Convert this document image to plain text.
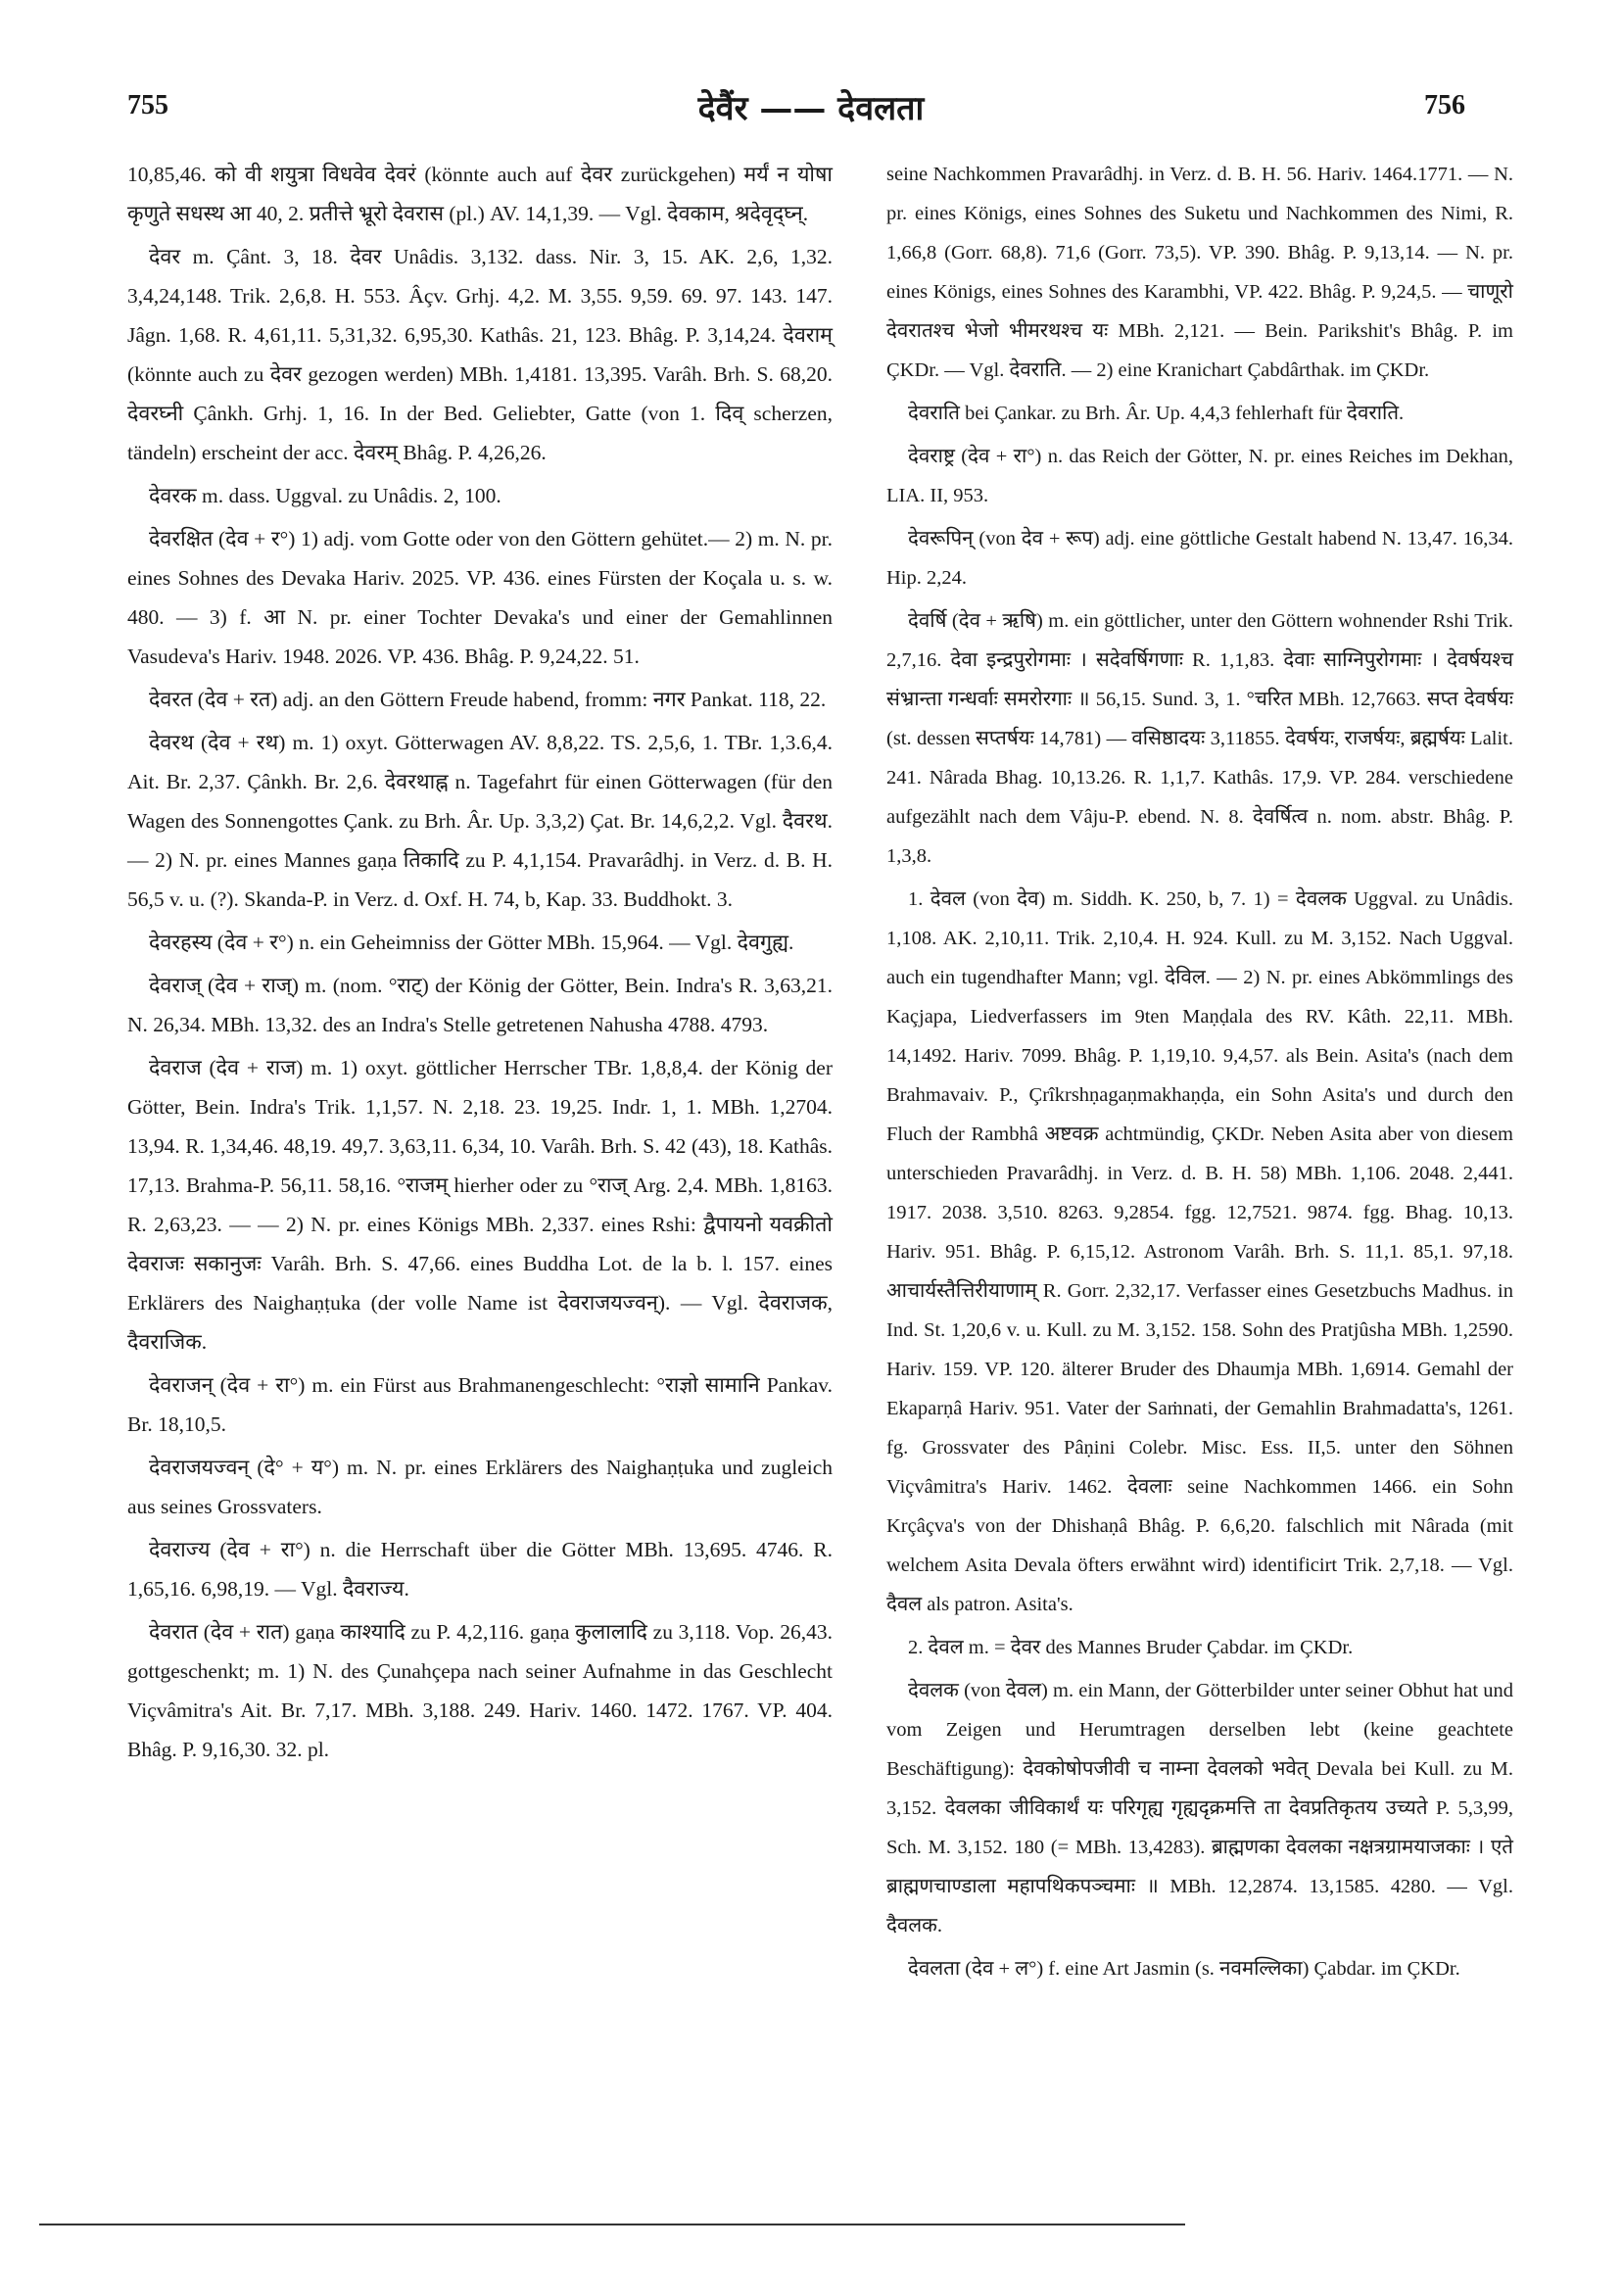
755	देवैंर —— देवलता	756

10,85,46. को वी शयुत्रा विधवेव देवरं (könnte auch auf देवर zurückgehen) मर्यं न योषा कृणुते सधस्थ आ 40, 2. प्रतीत्ते भ्रूरो देवरास (pl.) AV. 14,1,39. — Vgl. देवकाम, श्रदेवृद्घ्न्.

देवर m. Çânt. 3, 18. देवर Unâdis. 3,132. dass. Nir. 3, 15. AK. 2,6, 1,32. 3,4,24,148. Trik. 2,6,8. H. 553. Âçv. Grhj. 4,2. M. 3,55. 9,59. 69. 97. 143. 147. Jâgn. 1,68. R. 4,61,11. 5,31,32. 6,95,30. Kathâs. 21, 123. Bhâg. P. 3,14,24. देवराम् (könnte auch zu देवर gezogen werden) MBh. 1,4181. 13,395. Varâh. Brh. S. 68,20. देवरघ्नी Çânkh. Grhj. 1, 16. In der Bed. Geliebter, Gatte (von 1. दिव् scherzen, tändeln) erscheint der acc. देवरम् Bhâg. P. 4,26,26.

देवरक m. dass. Uggval. zu Unâdis. 2, 100.

देवरक्षित (देव + र°) 1) adj. vom Gotte oder von den Göttern gehütet.— 2) m. N. pr. eines Sohnes des Devaka Hariv. 2025. VP. 436. eines Fürsten der Koçala u. s. w. 480. — 3) f. आ N. pr. einer Tochter Devaka's und einer der Gemahlinnen Vasudeva's Hariv. 1948. 2026. VP. 436. Bhâg. P. 9,24,22. 51.

देवरत (देव + रत) adj. an den Göttern Freude habend, fromm: नगर Pankat. 118, 22.

देवरथ (देव + रथ) m. 1) oxyt. Götterwagen AV. 8,8,22. TS. 2,5,6, 1. TBr. 1,3.6,4. Ait. Br. 2,37. Çânkh. Br. 2,6. देवरथाह्न n. Tagefahrt für einen Götterwagen (für den Wagen des Sonnengottes Çank. zu Brh. Âr. Up. 3,3,2) Çat. Br. 14,6,2,2. Vgl. दैवरथ. — 2) N. pr. eines Mannes gaṇa तिकादि zu P. 4,1,154. Pravarâdhj. in Verz. d. B. H. 56,5 v. u. (?). Skanda-P. in Verz. d. Oxf. H. 74, b, Kap. 33. Buddhokt. 3.

देवरहस्य (देव + र°) n. ein Geheimniss der Götter MBh. 15,964. — Vgl. देवगुह्य.

देवराज् (देव + राज्) m. (nom. °राट्) der König der Götter, Bein. Indra's R. 3,63,21. N. 26,34. MBh. 13,32. des an Indra's Stelle getretenen Nahusha 4788. 4793.

देवराज (देव + राज) m. 1) oxyt. göttlicher Herrscher TBr. 1,8,8,4. der König der Götter, Bein. Indra's Trik. 1,1,57. N. 2,18. 23. 19,25. Indr. 1, 1. MBh. 1,2704. 13,94. R. 1,34,46. 48,19. 49,7. 3,63,11. 6,34, 10. Varâh. Brh. S. 42 (43), 18. Kathâs. 17,13. Brahma-P. 56,11. 58,16. °राजम् hierher oder zu °राज् Arg. 2,4. MBh. 1,8163. R. 2,63,23. — — 2) N. pr. eines Königs MBh. 2,337. eines Rshi: द्वैपायनो यवक्रीतो देवराजः सकानुजः Varâh. Brh. S. 47,66. eines Buddha Lot. de la b. l. 157. eines Erklärers des Naighaṇṭuka (der volle Name ist देवराजयज्वन्). — Vgl. देवराजक, दैवराजिक.

देवराजन् (देव + रा°) m. ein Fürst aus Brahmanengeschlecht: °राज्ञो सामानि Pankav. Br. 18,10,5.

देवराजयज्वन् (दे° + य°) m. N. pr. eines Erklärers des Naighaṇṭuka und zugleich aus seines Grossvaters.

देवराज्य (देव + रा°) n. die Herrschaft über die Götter MBh. 13,695. 4746. R. 1,65,16. 6,98,19. — Vgl. दैवराज्य.

देवरात (देव + रात) gaṇa काश्यादि zu P. 4,2,116. gaṇa कुलालादि zu 3,118. Vop. 26,43. gottgeschenkt; m. 1) N. des Çunahçepa nach seiner Aufnahme in das Geschlecht Viçvâmitra's Ait. Br. 7,17. MBh. 3,188. 249. Hariv. 1460. 1472. 1767. VP. 404. Bhâg. P. 9,16,30. 32. pl.

seine Nachkommen Pravarâdhj. in Verz. d. B. H. 56. Hariv. 1464.1771. — N. pr. eines Königs, eines Sohnes des Suketu und Nachkommen des Nimi, R. 1,66,8 (Gorr. 68,8). 71,6 (Gorr. 73,5). VP. 390. Bhâg. P. 9,13,14. — N. pr. eines Königs, eines Sohnes des Karambhi, VP. 422. Bhâg. P. 9,24,5. — चाणूरो देवरातश्च भेजो भीमरथश्च यः MBh. 2,121. — Bein. Parikshit's Bhâg. P. im ÇKDr. — Vgl. देवराति. — 2) eine Kranichart Çabdârthak. im ÇKDr.

देवराति bei Çankar. zu Brh. Âr. Up. 4,4,3 fehlerhaft für देवराति.

देवराष्ट्र (देव + रा°) n. das Reich der Götter, N. pr. eines Reiches im Dekhan, LIA. II, 953.

देवरूपिन् (von देव + रूप) adj. eine göttliche Gestalt habend N. 13,47. 16,34. Hip. 2,24.

देवर्षि (देव + ऋषि) m. ein göttlicher, unter den Göttern wohnender Rshi Trik. 2,7,16. देवा इन्द्रपुरोगमाः । सदेवर्षिगणाः R. 1,1,83. देवाः साग्निपुरोगमाः । देवर्षयश्च संभ्रान्ता गन्धर्वाः समरोरगाः ॥ 56,15. Sund. 3, 1. °चरित MBh. 12,7663. सप्त देवर्षयः (st. dessen सप्तर्षयः 14,781) — वसिष्ठादयः 3,11855. देवर्षयः, राजर्षयः, ब्रह्मर्षयः Lalit. 241. Nârada Bhag. 10,13.26. R. 1,1,7. Kathâs. 17,9. VP. 284. verschiedene aufgezählt nach dem Vâju-P. ebend. N. 8. देवर्षित्व n. nom. abstr. Bhâg. P. 1,3,8.

1. देवल (von देव) m. Siddh. K. 250, b, 7. 1) = देवलक Uggval. zu Unâdis. 1,108. AK. 2,10,11. Trik. 2,10,4. H. 924. Kull. zu M. 3,152. Nach Uggval. auch ein tugendhafter Mann; vgl. देविल. — 2) N. pr. eines Abkömmlings des Kaçjapa, Liedverfassers im 9ten Maṇḍala des RV. Kâth. 22,11. MBh. 14,1492. Hariv. 7099. Bhâg. P. 1,19,10. 9,4,57. als Bein. Asita's (nach dem Brahmavaiv. P., Çrîkrshṇagaṇmakhaṇḍa, ein Sohn Asita's und durch den Fluch der Rambhâ अष्टवक्र achtmündig, ÇKDr. Neben Asita aber von diesem unterschieden Pravarâdhj. in Verz. d. B. H. 58) MBh. 1,106. 2048. 2,441. 1917. 2038. 3,510. 8263. 9,2854. fgg. 12,7521. 9874. fgg. Bhag. 10,13. Hariv. 951. Bhâg. P. 6,15,12. Astronom Varâh. Brh. S. 11,1. 85,1. 97,18. आचार्यस्तैत्तिरीयाणाम् R. Gorr. 2,32,17. Verfasser eines Gesetzbuchs Madhus. in Ind. St. 1,20,6 v. u. Kull. zu M. 3,152. 158. Sohn des Pratjûsha MBh. 1,2590. Hariv. 159. VP. 120. älterer Bruder des Dhaumja MBh. 1,6914. Gemahl der Ekaparṇâ Hariv. 951. Vater der Saṁnati, der Gemahlin Brahmadatta's, 1261. fg. Grossvater des Pâṇini Colebr. Misc. Ess. II,5. unter den Söhnen Viçvâmitra's Hariv. 1462. देवलाः seine Nachkommen 1466. ein Sohn Krçâçva's von der Dhishaṇâ Bhâg. P. 6,6,20. falschlich mit Nârada (mit welchem Asita Devala öfters erwähnt wird) identificirt Trik. 2,7,18. — Vgl. दैवल als patron. Asita's.

2. देवल m. = देवर des Mannes Bruder Çabdar. im ÇKDr.

देवलक (von देवल) m. ein Mann, der Götterbilder unter seiner Obhut hat und vom Zeigen und Herumtragen derselben lebt (keine geachtete Beschäftigung): देवकोषोपजीवी च नाम्ना देवलको भवेत् Devala bei Kull. zu M. 3,152. देवलका जीविकार्थं यः परिगृह्य गृह्यदृक्रमत्ति ता देवप्रतिकृतय उच्यते P. 5,3,99, Sch. M. 3,152. 180 (= MBh. 13,4283). ब्राह्मणका देवलका नक्षत्रग्रामयाजकाः । एते ब्राह्मणचाण्डाला महापथिकपञ्चमाः ॥ MBh. 12,2874. 13,1585. 4280. — Vgl. दैवलक.

देवलता (देव + ल°) f. eine Art Jasmin (s. नवमल्लिका) Çabdar. im ÇKDr.
